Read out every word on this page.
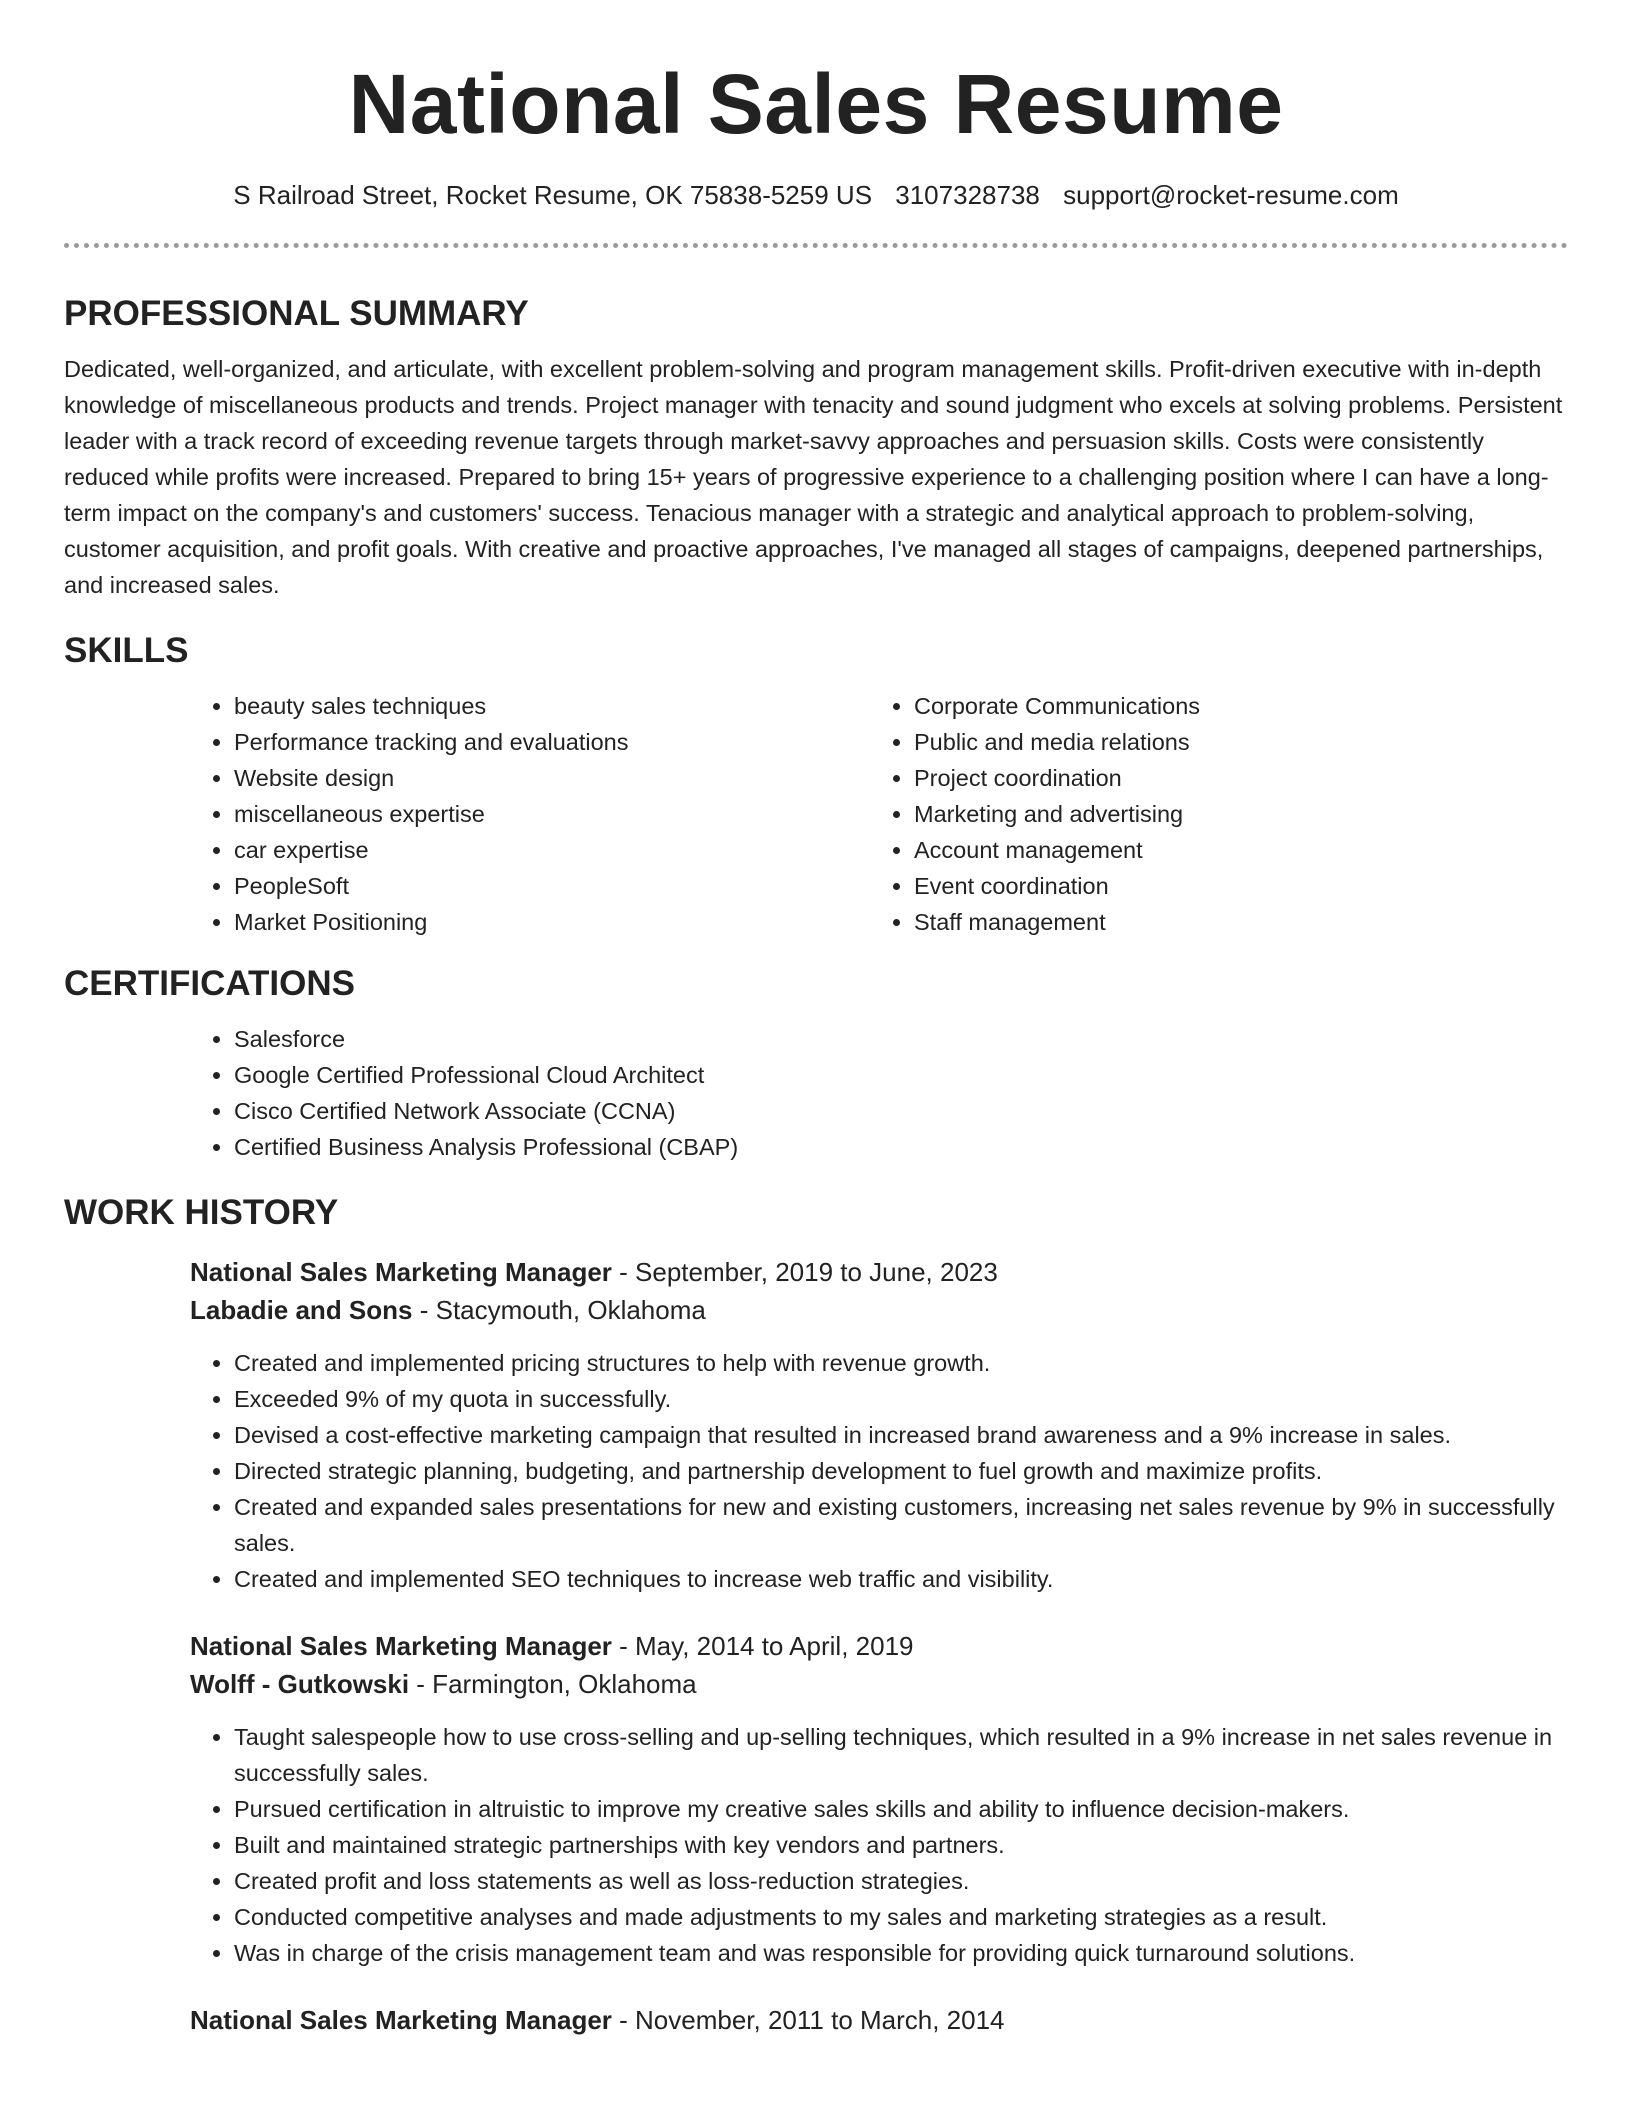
National Sales Resume
S Railroad Street, Rocket Resume, OK 75838-5259 US 3107328738 support@rocket-resume.com
PROFESSIONAL SUMMARY

Dedicated, well-organized, and articulate, with excellent problem-solving and program management skills. Profit-driven executive with in-depth knowledge of miscellaneous products and trends. Project manager with tenacity and sound judgment who excels at solving problems. Persistent leader with a track record of exceeding revenue targets through market-savvy approaches and persuasion skills. Costs were consistently reduced while profits were increased. Prepared to bring 15+ years of progressive experience to a challenging position where I can have a long-term impact on the company's and customers' success. Tenacious manager with a strategic and analytical approach to problem-solving, customer acquisition, and profit goals. With creative and proactive approaches, I've managed all stages of campaigns, deepened partnerships, and increased sales.

SKILLS
• beauty sales techniques
• Performance tracking and evaluations
• Website design
• miscellaneous expertise
• car expertise
• PeopleSoft
• Market Positioning
• Corporate Communications
• Public and media relations
• Project coordination
• Marketing and advertising
• Account management
• Event coordination
• Staff management
CERTIFICATIONS
• Salesforce
• Google Certified Professional Cloud Architect
• Cisco Certified Network Associate (CCNA)
• Certified Business Analysis Professional (CBAP)
WORK HISTORY
National Sales Marketing Manager - September, 2019 to June, 2023
Labadie and Sons - Stacymouth, Oklahoma
• Created and implemented pricing structures to help with revenue growth.
• Exceeded 9% of my quota in successfully.
• Devised a cost-effective marketing campaign that resulted in increased brand awareness and a 9% increase in sales.
• Directed strategic planning, budgeting, and partnership development to fuel growth and maximize profits.
• Created and expanded sales presentations for new and existing customers, increasing net sales revenue by 9% in successfully sales.
• Created and implemented SEO techniques to increase web traffic and visibility.
National Sales Marketing Manager - May, 2014 to April, 2019
Wolff - Gutkowski - Farmington, Oklahoma
• Taught salespeople how to use cross-selling and up-selling techniques, which resulted in a 9% increase in net sales revenue in successfully sales.
• Pursued certification in altruistic to improve my creative sales skills and ability to influence decision-makers.
• Built and maintained strategic partnerships with key vendors and partners.
• Created profit and loss statements as well as loss-reduction strategies.
• Conducted competitive analyses and made adjustments to my sales and marketing strategies as a result.
• Was in charge of the crisis management team and was responsible for providing quick turnaround solutions.
National Sales Marketing Manager - November, 2011 to March, 2014
